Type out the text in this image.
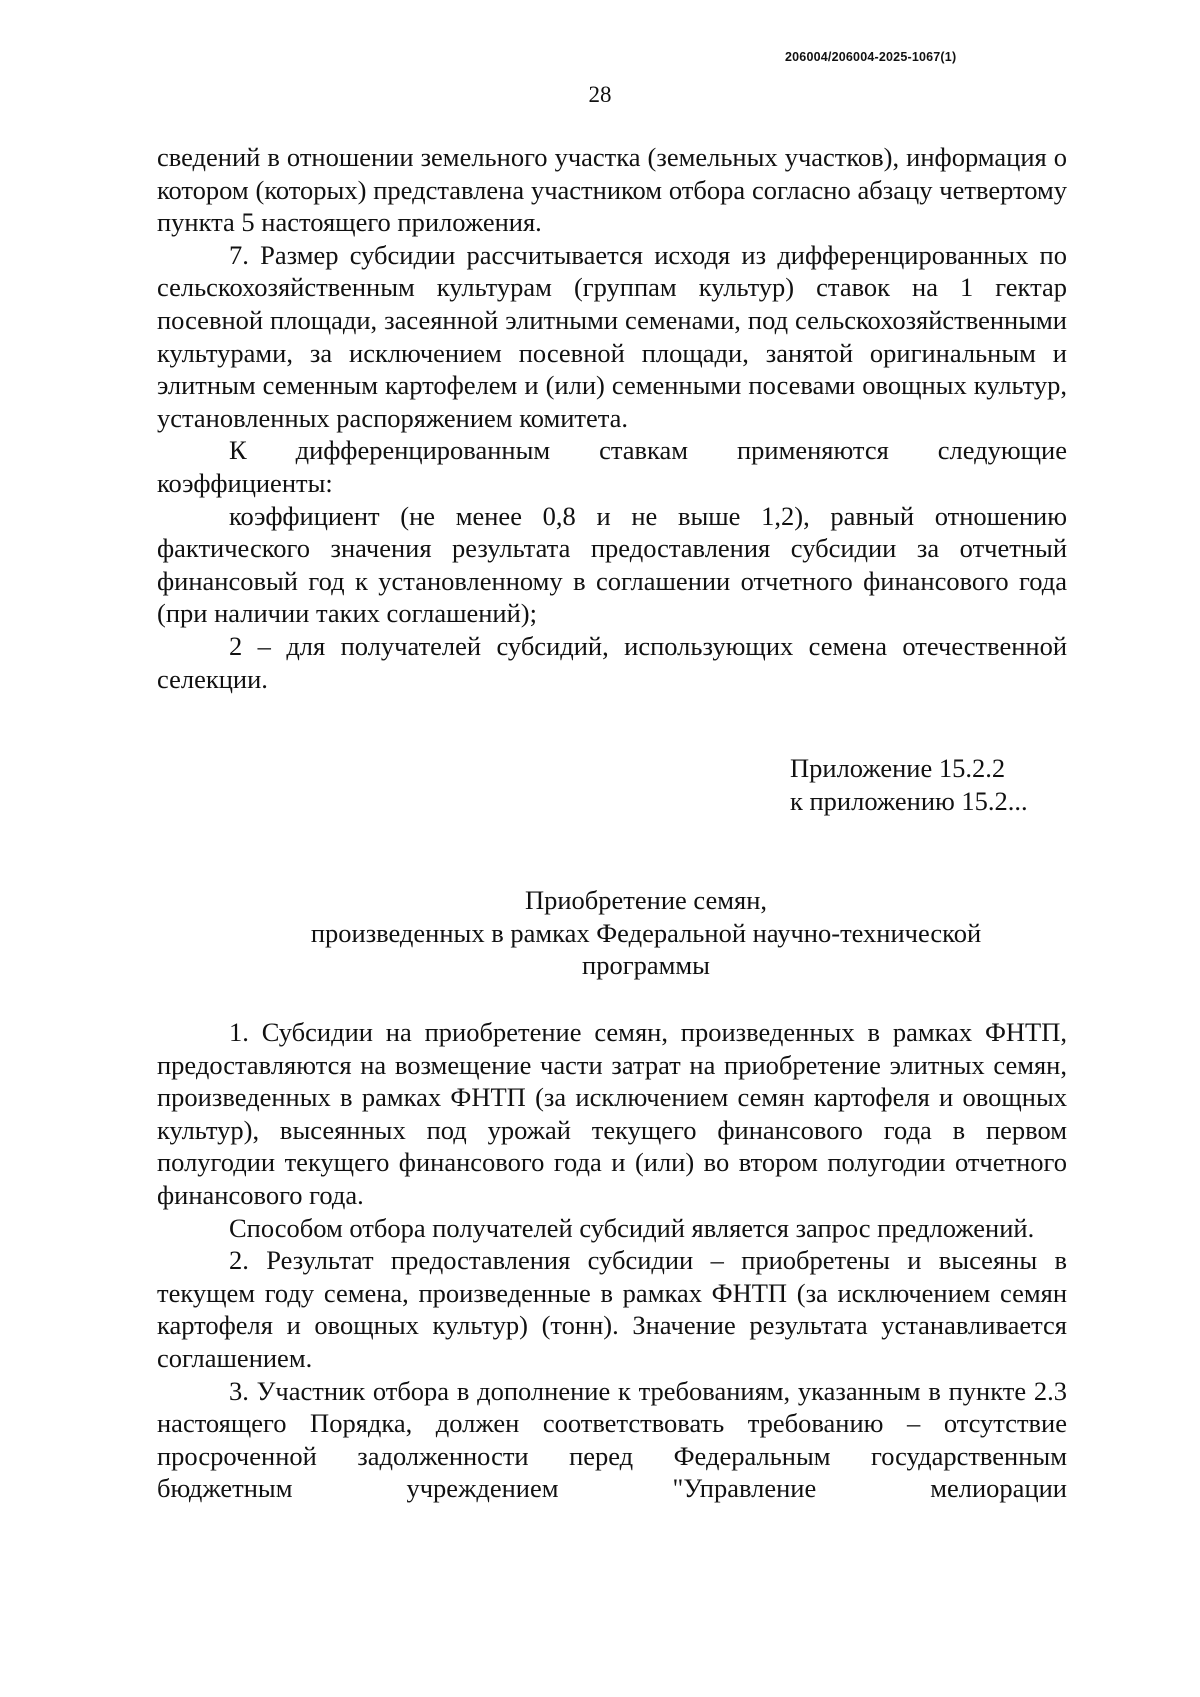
206004/206004-2025-1067(1)
28

сведений в отношении земельного участка (земельных участков), информация о котором (которых) представлена участником отбора согласно абзацу четвертому пункта 5 настоящего приложения.

7. Размер субсидии рассчитывается исходя из дифференцированных по сельскохозяйственным культурам (группам культур) ставок на 1 гектар посевной площади, засеянной элитными семенами, под сельскохозяйственными культурами, за исключением посевной площади, занятой оригинальным и элитным семенным картофелем и (или) семенными посевами овощных культур, установленных распоряжением комитета.

К дифференцированным ставкам применяются следующие коэффициенты:

коэффициент (не менее 0,8 и не выше 1,2), равный отношению фактического значения результата предоставления субсидии за отчетный финансовый год к установленному в соглашении отчетного финансового года (при наличии таких соглашений);

2 – для получателей субсидий, использующих семена отечественной селекции.

Приложение 15.2.2
к приложению 15.2...
Приобретение семян,
произведенных в рамках Федеральной научно-технической
программы

1. Субсидии на приобретение семян, произведенных в рамках ФНТП, предоставляются на возмещение части затрат на приобретение элитных семян, произведенных в рамках ФНТП (за исключением семян картофеля и овощных культур), высеянных под урожай текущего финансового года в первом полугодии текущего финансового года и (или) во втором полугодии отчетного финансового года.

Способом отбора получателей субсидий является запрос предложений.

2. Результат предоставления субсидии – приобретены и высеяны в текущем году семена, произведенные в рамках ФНТП (за исключением семян картофеля и овощных культур) (тонн). Значение результата устанавливается соглашением.

3. Участник отбора в дополнение к требованиям, указанным в пункте 2.3 настоящего Порядка, должен соответствовать требованию – отсутствие просроченной задолженности перед Федеральным государственным бюджетным учреждением "Управление мелиорации
